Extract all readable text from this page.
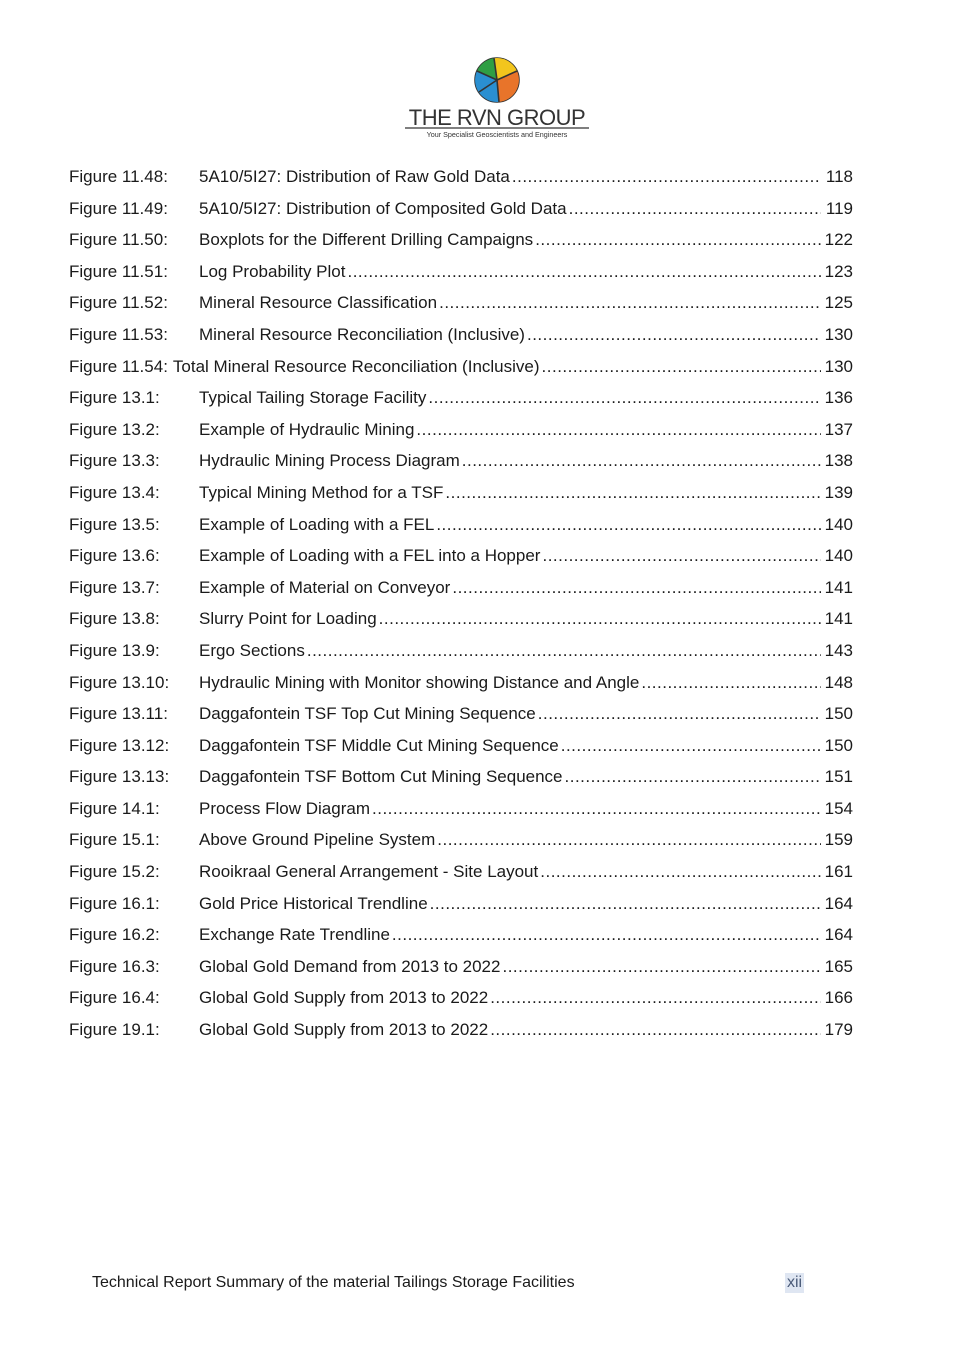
THE RVN GROUP
Your Specialist Geoscientists and Engineers
Figure 11.48:	5A10/5I27: Distribution of Raw Gold Data .....	118
Figure 11.49:	5A10/5I27: Distribution of Composited Gold Data .....	119
Figure 11.50:	Boxplots for the Different Drilling Campaigns .....	122
Figure 11.51:	Log Probability Plot .....	123
Figure 11.52:	Mineral Resource Classification .....	125
Figure 11.53:	Mineral Resource Reconciliation (Inclusive) .....	130
Figure 11.54: Total Mineral Resource Reconciliation (Inclusive) .....	130
Figure 13.1:	Typical Tailing Storage Facility .....	136
Figure 13.2:	Example of Hydraulic Mining .....	137
Figure 13.3:	Hydraulic Mining Process Diagram .....	138
Figure 13.4:	Typical Mining Method for a TSF .....	139
Figure 13.5:	Example of Loading with a FEL .....	140
Figure 13.6:	Example of Loading with a FEL into a Hopper .....	140
Figure 13.7:	Example of Material on Conveyor .....	141
Figure 13.8:	Slurry Point for Loading .....	141
Figure 13.9:	Ergo Sections .....	143
Figure 13.10:	Hydraulic Mining with Monitor showing Distance and Angle .....	148
Figure 13.11:	Daggafontein TSF Top Cut Mining Sequence .....	150
Figure 13.12:	Daggafontein TSF Middle Cut Mining Sequence .....	150
Figure 13.13:	Daggafontein TSF Bottom Cut Mining Sequence .....	151
Figure 14.1:	Process Flow Diagram .....	154
Figure 15.1:	Above Ground Pipeline System .....	159
Figure 15.2:	Rooikraal General Arrangement - Site Layout .....	161
Figure 16.1:	Gold Price Historical Trendline .....	164
Figure 16.2:	Exchange Rate Trendline .....	164
Figure 16.3:	Global Gold Demand from 2013 to 2022 .....	165
Figure 16.4:	Global Gold Supply from 2013 to 2022 .....	166
Figure 19.1:	Global Gold Supply from 2013 to 2022 .....	179
Technical Report Summary of the material Tailings Storage Facilities	xii
